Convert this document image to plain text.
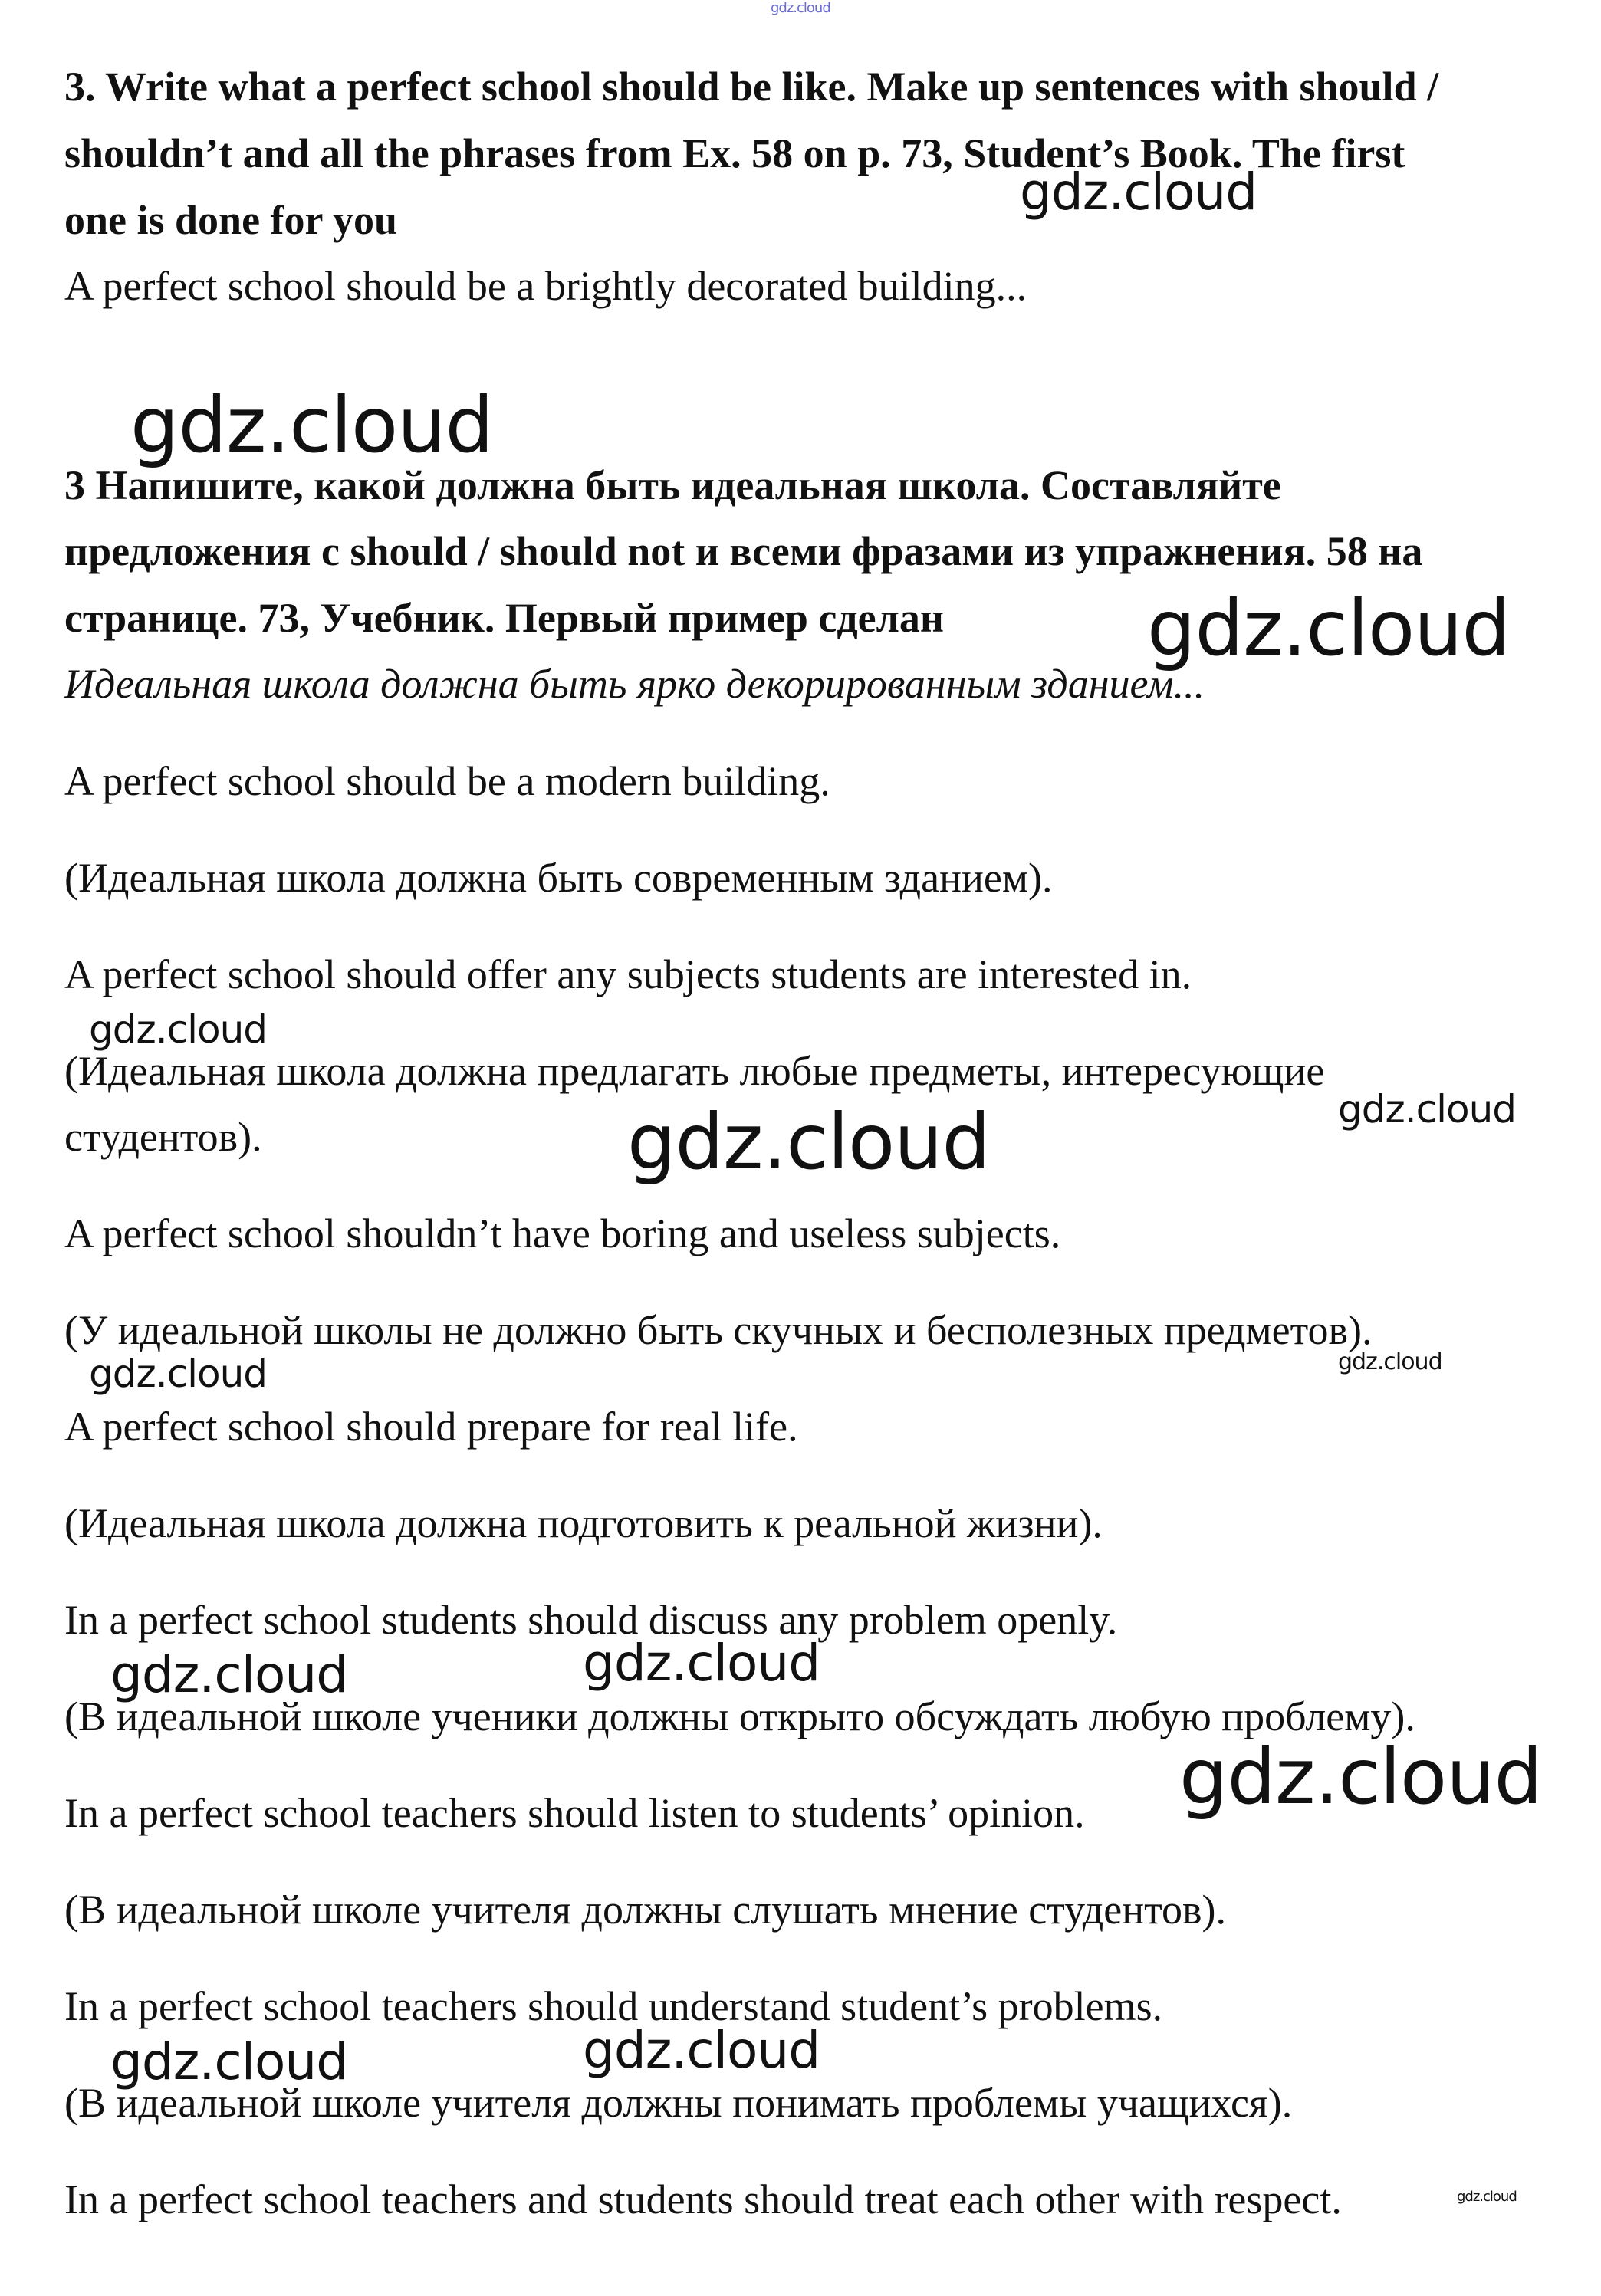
3. Write what a perfect school should be like. Make up sentences with should /

shouldn’t and all the phrases from Ex. 58 on p. 73, Student’s Book. The first

one is done for you

A perfect school should be a brightly decorated building...

3 Напишите, какой должна быть идеальная школа. Составляйте

предложения с should / should not и всеми фразами из упражнения. 58 на

странице. 73, Учебник. Первый пример сделан

Идеальная школа должна быть ярко декорированным зданием...

A perfect school should be a modern building.

(Идеальная школа должна быть современным зданием).

A perfect school should offer any subjects students are interested in.

(Идеальная школа должна предлагать любые предметы, интересующие

студентов).

A perfect school shouldn’t have boring and useless subjects.

(У идеальной школы не должно быть скучных и бесполезных предметов).

A perfect school should prepare for real life.

(Идеальная школа должна подготовить к реальной жизни).

In a perfect school students should discuss any problem openly.

(В идеальной школе ученики должны открыто обсуждать любую проблему).

In a perfect school teachers should listen to students’ opinion.

(В идеальной школе учителя должны слушать мнение студентов).

In a perfect school teachers should understand student’s problems.

(В идеальной школе учителя должны понимать проблемы учащихся).

In a perfect school teachers and students should treat each other with respect.

gdz.cloud
gdz.cloud
gdz.cloud
gdz.cloud
gdz.cloud
gdz.cloud
gdz.cloud
gdz.cloud	gdz.cloud
gdz.cloud	gdz.cloud
gdz.cloud
gdz.cloud	gdz.cloud
gdz.cloud
